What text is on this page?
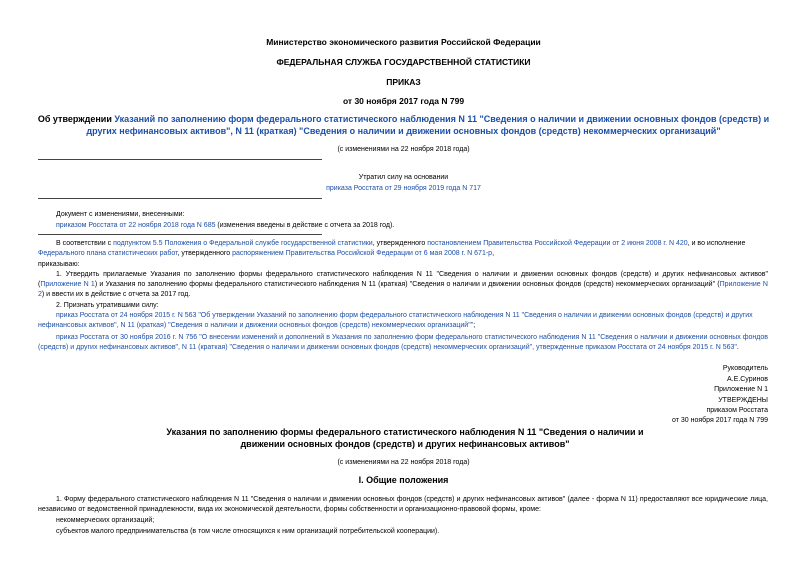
Министерство экономического развития Российской Федерации
ФЕДЕРАЛЬНАЯ СЛУЖБА ГОСУДАРСТВЕННОЙ СТАТИСТИКИ
ПРИКАЗ
от 30 ноября 2017 года N 799
Об утверждении Указаний по заполнению форм федерального статистического наблюдения N 11 "Сведения о наличии и движении основных фондов (средств) и других нефинансовых активов", N 11 (краткая) "Сведения о наличии и движении основных фондов (средств) некоммерческих организаций"
(с изменениями на 22 ноября 2018 года)
Утратил силу на основании
приказа Росстата от 29 ноября 2019 года N 717
Документ с изменениями, внесенными:
приказом Росстата от 22 ноября 2018 года N 685 (изменения введены в действие с отчета за 2018 год).
В соответствии с подпунктом 5.5 Положения о Федеральной службе государственной статистики, утвержденного постановлением Правительства Российской Федерации от 2 июня 2008 г. N 420, и во исполнение Федерального плана статистических работ, утвержденного распоряжением Правительства Российской Федерации от 6 мая 2008 г. N 671-р,
приказываю:
1. Утвердить прилагаемые Указания по заполнению формы федерального статистического наблюдения N 11 "Сведения о наличии и движении основных фондов (средств) и других нефинансовых активов" (Приложение N 1) и Указания по заполнению формы федерального статистического наблюдения N 11 (краткая) "Сведения о наличии и движении основных фондов (средств) некоммерческих организаций" (Приложение N 2) и ввести их в действие с отчета за 2017 год.
2. Признать утратившими силу:
приказ Росстата от 24 ноября 2015 г. N 563 "Об утверждении Указаний по заполнению форм федерального статистического наблюдения N 11 "Сведения о наличии и движении основных фондов (средств) и других нефинансовых активов", N 11 (краткая) "Сведения о наличии и движении основных фондов (средств) некоммерческих организаций"";
приказ Росстата от 30 ноября 2016 г. N 756 "О внесении изменений и дополнений в Указания по заполнению форм федерального статистического наблюдения N 11 "Сведения о наличии и движении основных фондов (средств) и других нефинансовых активов", N 11 (краткая) "Сведения о наличии и движении основных фондов (средств) некоммерческих организаций", утвержденные приказом Росстата от 24 ноября 2015 г. N 563".
Руководитель
А.Е.Суринов
Приложение N 1
УТВЕРЖДЕНЫ
приказом Росстата
от 30 ноября 2017 года N 799
Указания по заполнению формы федерального статистического наблюдения N 11 "Сведения о наличии и движении основных фондов (средств) и других нефинансовых активов"
(с изменениями на 22 ноября 2018 года)
I. Общие положения
1. Форму федерального статистического наблюдения N 11 "Сведения о наличии и движении основных фондов (средств) и других нефинансовых активов" (далее - форма N 11) предоставляют все юридические лица, независимо от ведомственной принадлежности, вида их экономической деятельности, формы собственности и организационно-правовой формы, кроме:
некоммерческих организаций;
субъектов малого предпринимательства (в том числе относящихся к ним организаций потребительской кооперации).
